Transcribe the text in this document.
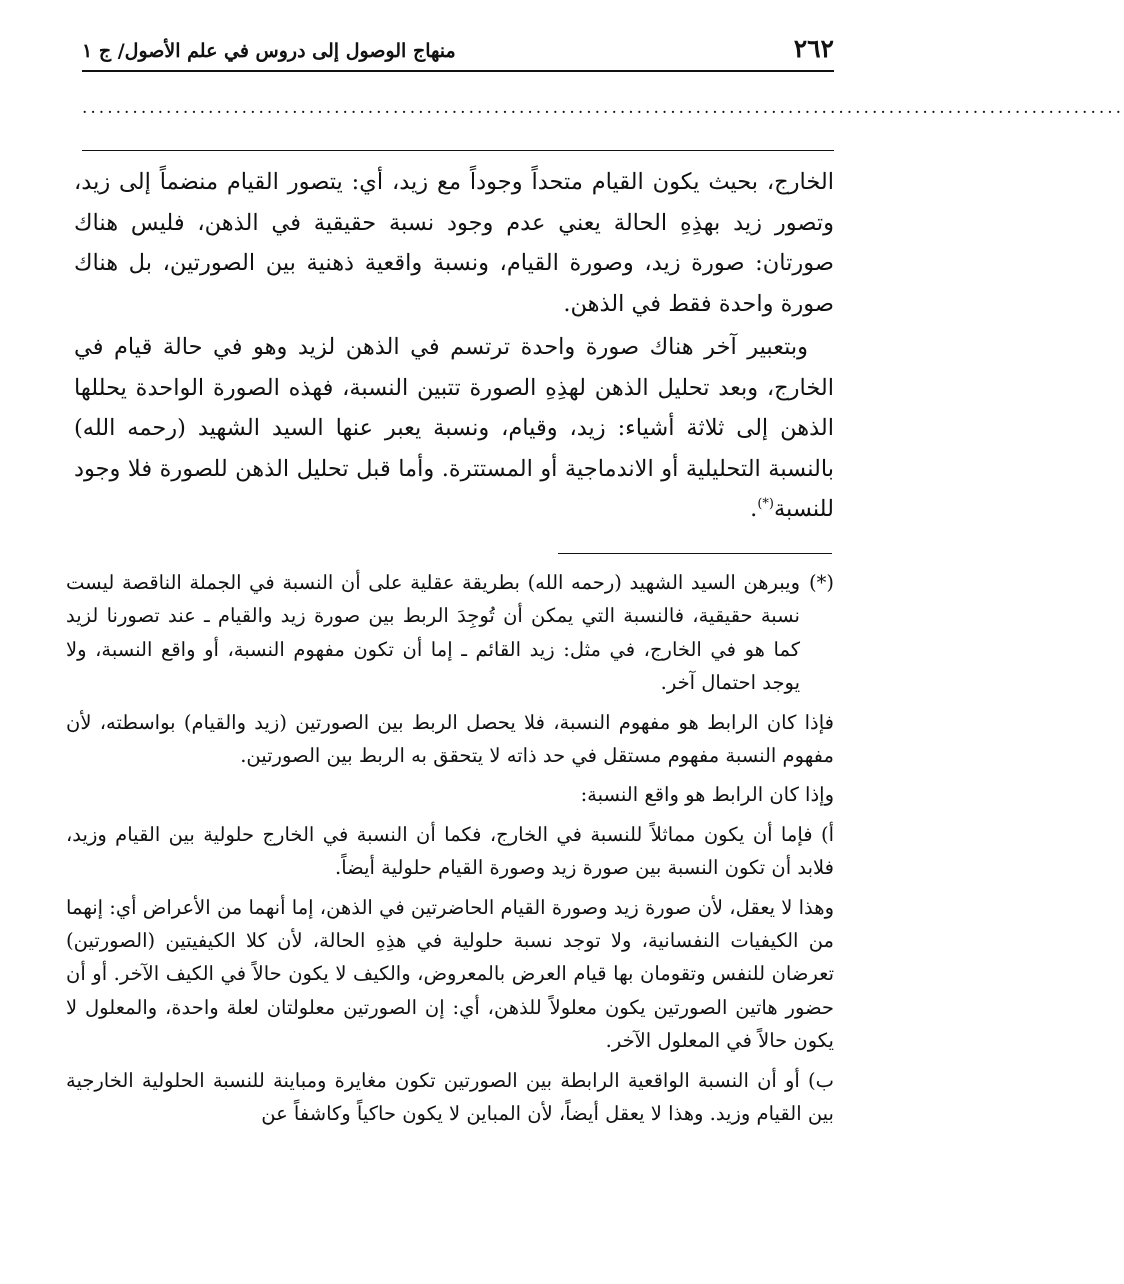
٢٦٢
منهاج الوصول إلى دروس في علم الأصول/ ج ١
............................................................................................................................

الخارج، بحيث يكون القيام متحداً وجوداً مع زيد، أي: يتصور القيام منضماً إلى زيد، وتصور زيد بهذِهِ الحالة يعني عدم وجود نسبة حقيقية في الذهن، فليس هناك صورتان: صورة زيد، وصورة القيام، ونسبة واقعية ذهنية بين الصورتين، بل هناك صورة واحدة فقط في الذهن.

وبتعبير آخر هناك صورة واحدة ترتسم في الذهن لزيد وهو في حالة قيام في الخارج، وبعد تحليل الذهن لهذِهِ الصورة تتبين النسبة، فهذه الصورة الواحدة يحللها الذهن إلى ثلاثة أشياء: زيد، وقيام، ونسبة يعبر عنها السيد الشهيد (رحمه الله) بالنسبة التحليلية أو الاندماجية أو المستترة. وأما قبل تحليل الذهن للصورة فلا وجود للنسبة(*).

(*)ويبرهن السيد الشهيد (رحمه الله) بطريقة عقلية على أن النسبة في الجملة الناقصة ليست نسبة حقيقية، فالنسبة التي يمكن أن تُوجِدَ الربط بين صورة زيد والقيام ـ عند تصورنا لزيد كما هو في الخارج، في مثل: زيد القائم ـ إما أن تكون مفهوم النسبة، أو واقع النسبة، ولا يوجد احتمال آخر.

فإذا كان الرابط هو مفهوم النسبة، فلا يحصل الربط بين الصورتين (زيد والقيام) بواسطته، لأن مفهوم النسبة مفهوم مستقل في حد ذاته لا يتحقق به الربط بين الصورتين.

وإذا كان الرابط هو واقع النسبة:

أ) فإما أن يكون مماثلاً للنسبة في الخارج، فكما أن النسبة في الخارج حلولية بين القيام وزيد، فلابد أن تكون النسبة بين صورة زيد وصورة القيام حلولية أيضاً.

وهذا لا يعقل، لأن صورة زيد وصورة القيام الحاضرتين في الذهن، إما أنهما من الأعراض أي: إنهما من الكيفيات النفسانية، ولا توجد نسبة حلولية في هذِهِ الحالة، لأن كلا الكيفيتين (الصورتين) تعرضان للنفس وتقومان بها قيام العرض بالمعروض، والكيف لا يكون حالاً في الكيف الآخر. أو أن حضور هاتين الصورتين يكون معلولاً للذهن، أي: إن الصورتين معلولتان لعلة واحدة، والمعلول لا يكون حالاً في المعلول الآخر.

ب) أو أن النسبة الواقعية الرابطة بين الصورتين تكون مغايرة ومباينة للنسبة الحلولية الخارجية بين القيام وزيد. وهذا لا يعقل أيضاً، لأن المباين لا يكون حاكياً وكاشفاً عن
